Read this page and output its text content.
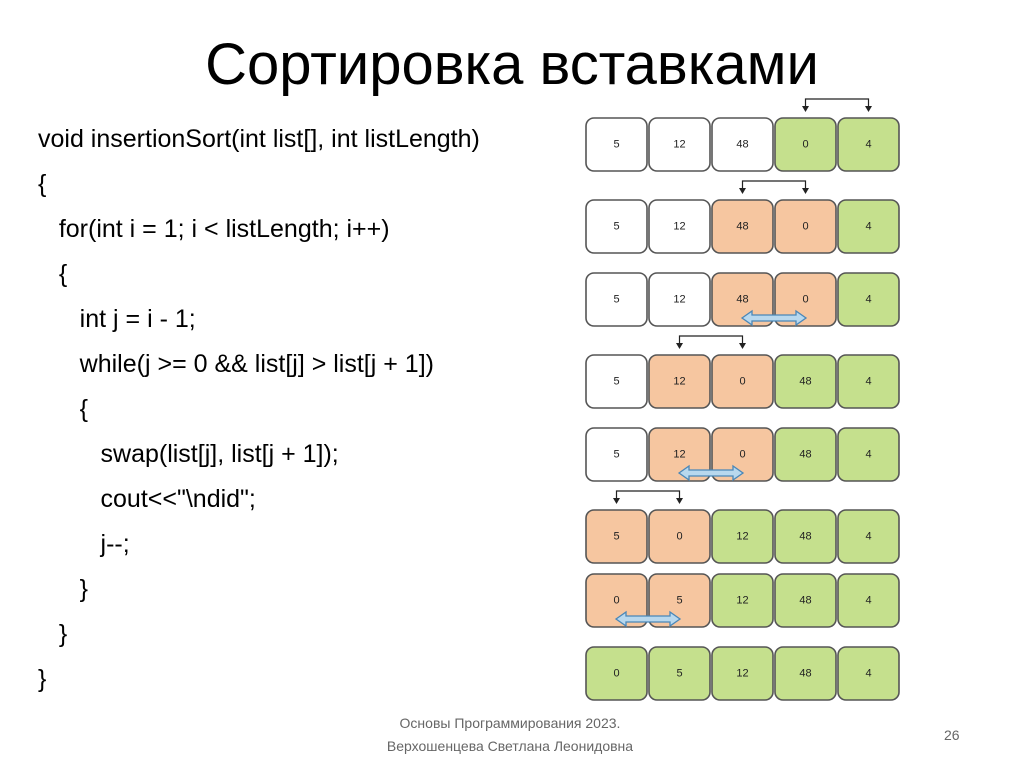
Сортировка вставками
void insertionSort(int list[], int listLength)
{
for(int i = 1; i < listLength; i++)
{
int j = i - 1;
while(j >= 0 && list[j] > list[j + 1])
{
swap(list[j], list[j + 1]);
cout<<"\ndid";
j--;
}
}
}
5	12	48	0	4
5	12	48	0	4
5	12	48	0	4
5	12	0	48	4
5	12	0	48	4
5	0	12	48	4
0	5	12	48	4
0	5	12	48	4
Основы Программирования 2023.
Верхошенцева Светлана Леонидовна
26
